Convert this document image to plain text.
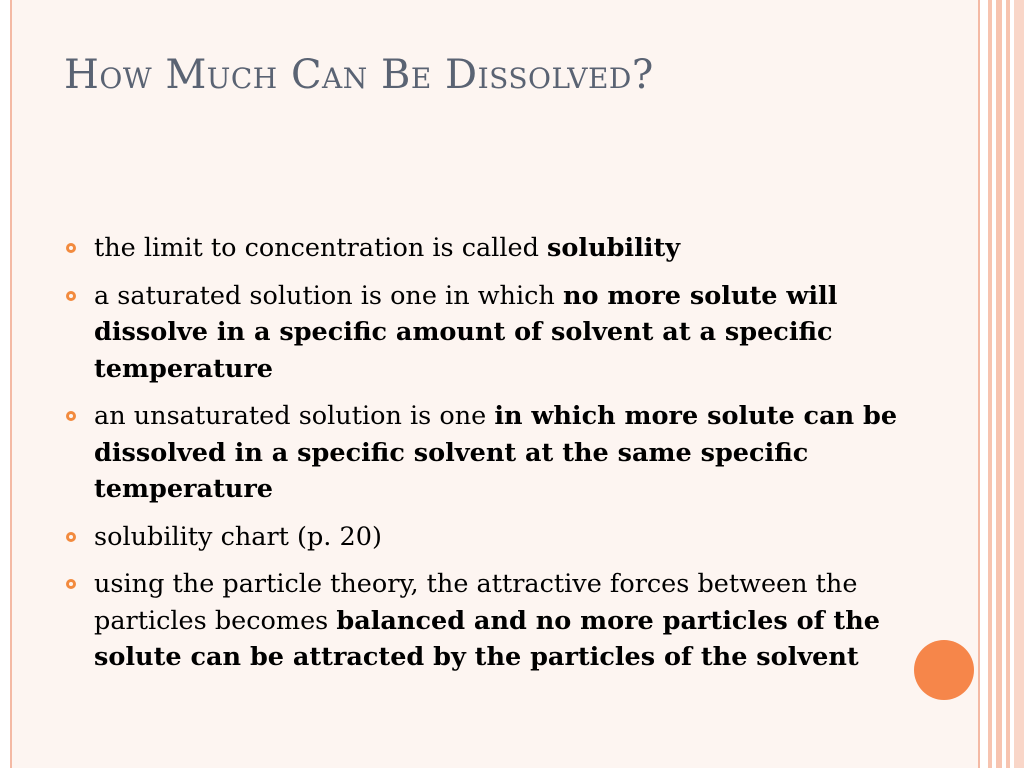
How Much Can Be Dissolved?
the limit to concentration is called solubility
a saturated solution is one in which no more solute will dissolve in a specific amount of solvent at a specific temperature
an unsaturated solution is one in which more solute can be dissolved in a specific solvent at the same specific temperature
solubility chart (p. 20)
using the particle theory, the attractive forces between the particles becomes balanced and no more particles of the solute can be attracted by the particles of the solvent
